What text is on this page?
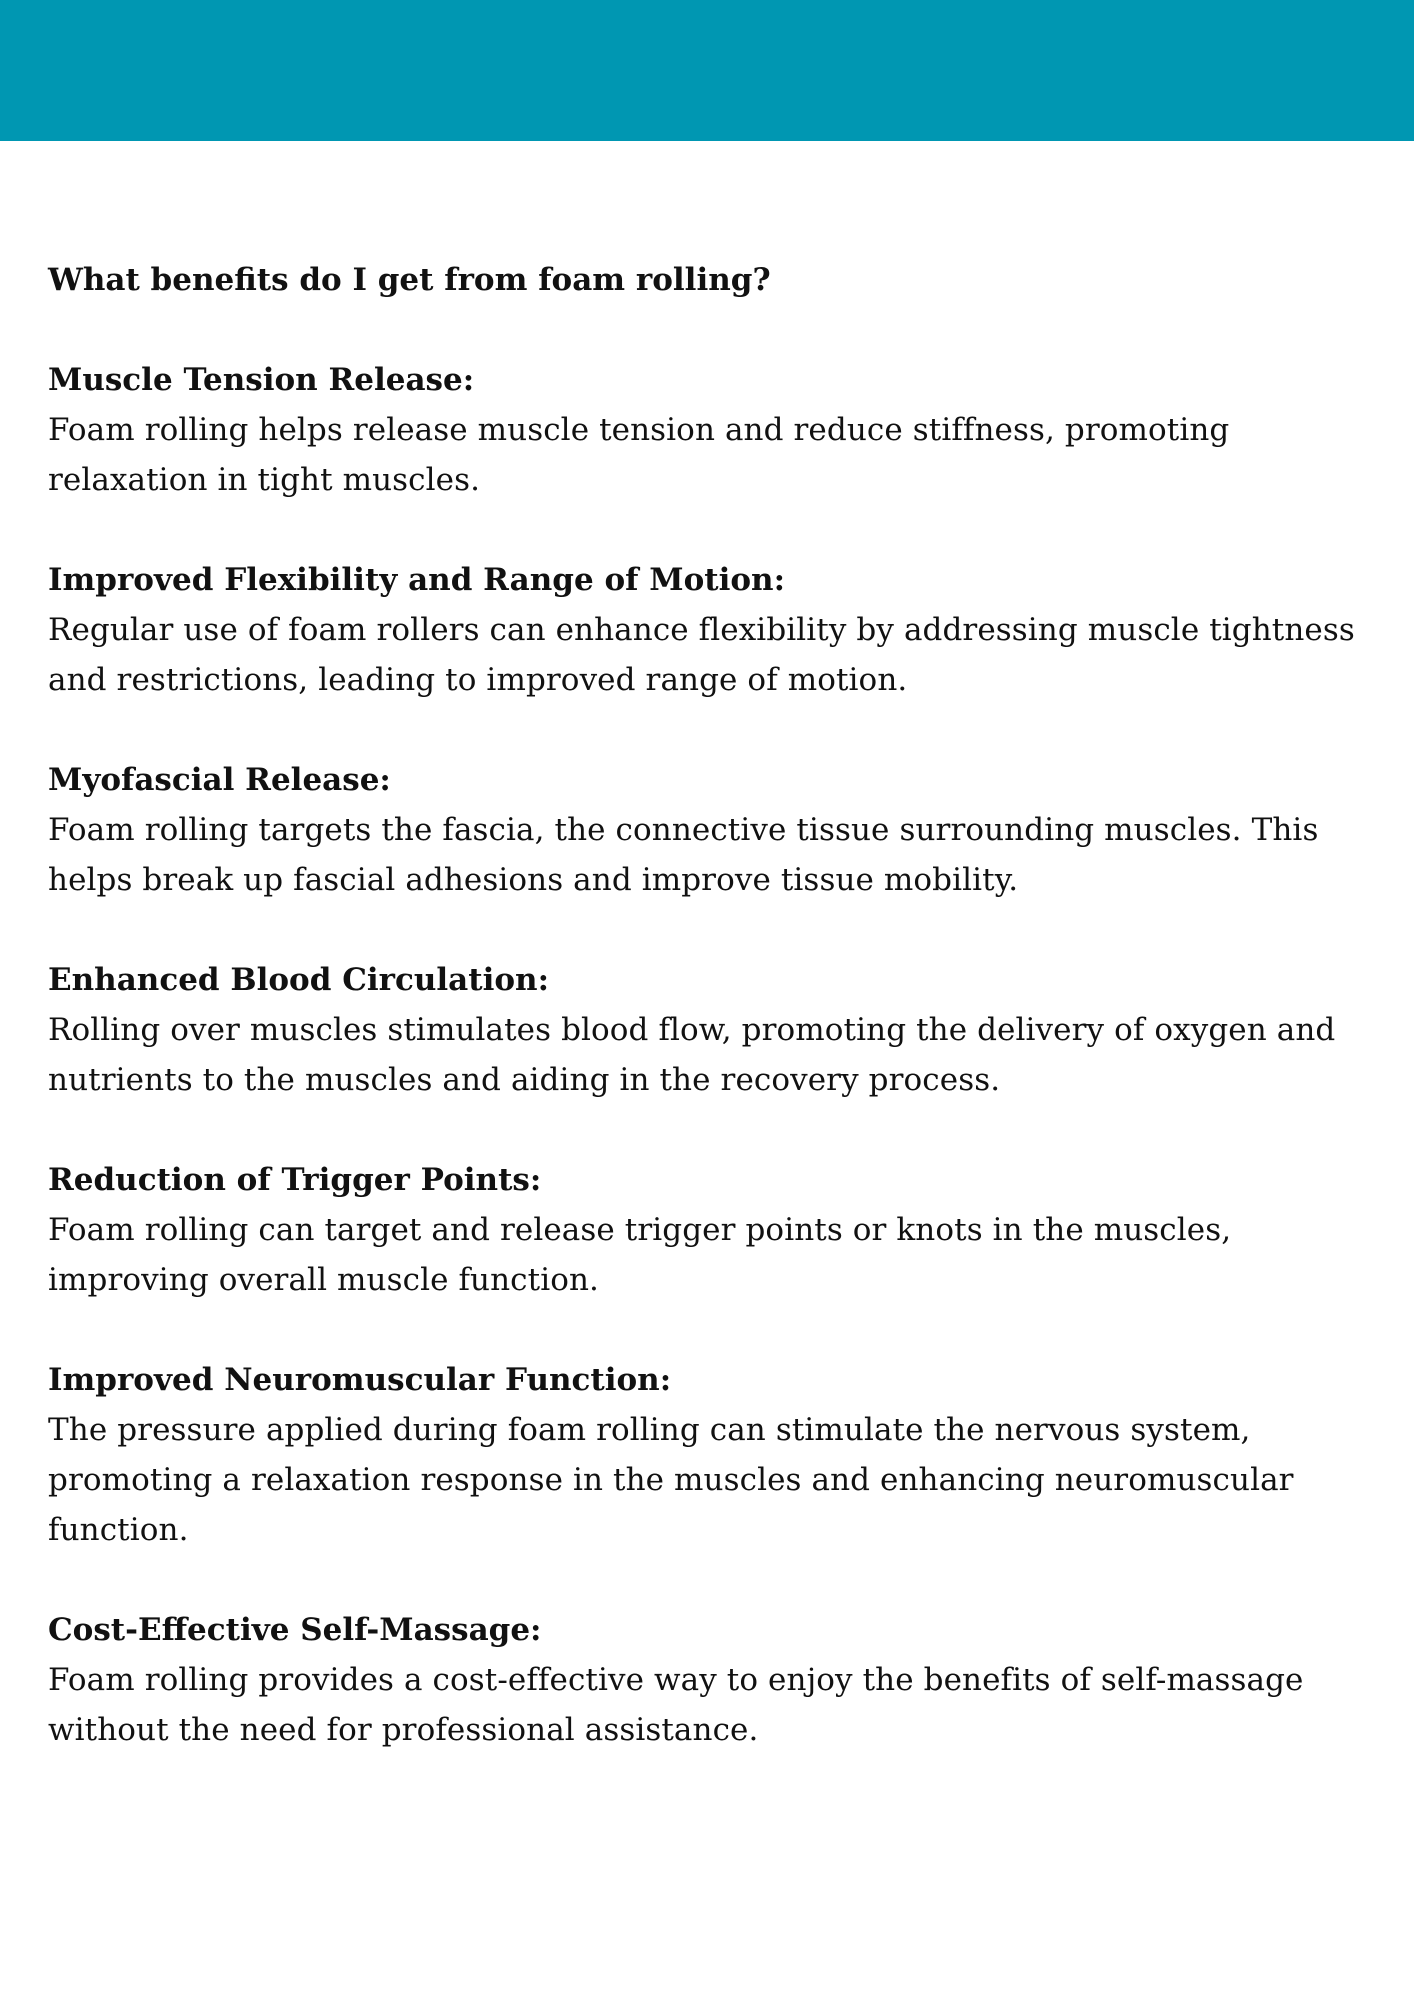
What benefits do I get from foam rolling?

Muscle Tension Release:

Foam rolling helps release muscle tension and reduce stiffness, promoting relaxation in tight muscles.

Improved Flexibility and Range of Motion:

Regular use of foam rollers can enhance flexibility by addressing muscle tightness and restrictions, leading to improved range of motion.

Myofascial Release:

Foam rolling targets the fascia, the connective tissue surrounding muscles. This helps break up fascial adhesions and improve tissue mobility.

Enhanced Blood Circulation:

Rolling over muscles stimulates blood flow, promoting the delivery of oxygen and nutrients to the muscles and aiding in the recovery process.

Reduction of Trigger Points:

Foam rolling can target and release trigger points or knots in the muscles, improving overall muscle function.

Improved Neuromuscular Function:

The pressure applied during foam rolling can stimulate the nervous system, promoting a relaxation response in the muscles and enhancing neuromuscular function.

Cost-Effective Self-Massage:

Foam rolling provides a cost-effective way to enjoy the benefits of self-massage without the need for professional assistance.
